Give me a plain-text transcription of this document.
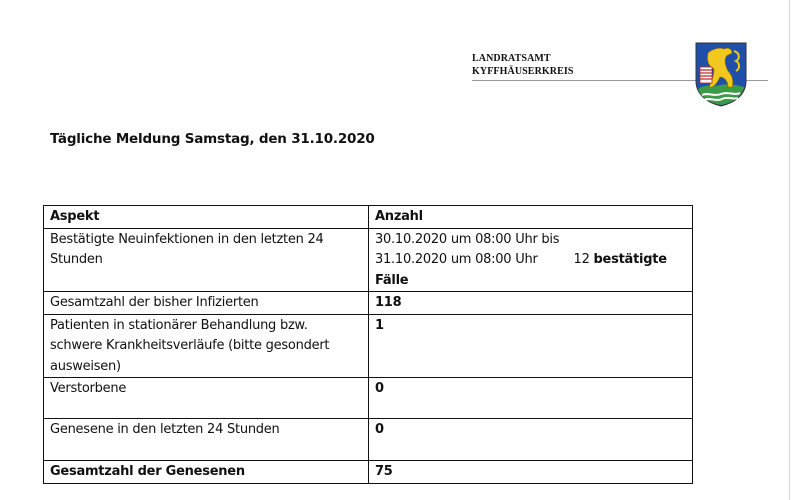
LANDRATSAMT
KYFFHÄUSERKREIS
Tägliche Meldung Samstag, den 31.10.2020
Aspekt	Anzahl
Bestätigte Neuinfektionen in den letzten 24 Stunden	30.10.2020 um 08:00 Uhr bis
31.10.2020 um 08:00 Uhr 12 bestätigte
Fälle

Gesamtzahl der bisher Infizierten	118
Patienten in stationärer Behandlung bzw. schwere Krankheitsverläufe (bitte gesondert ausweisen)	1
Verstorbene	0
Genesene in den letzten 24 Stunden	0
Gesamtzahl der Genesenen	75
